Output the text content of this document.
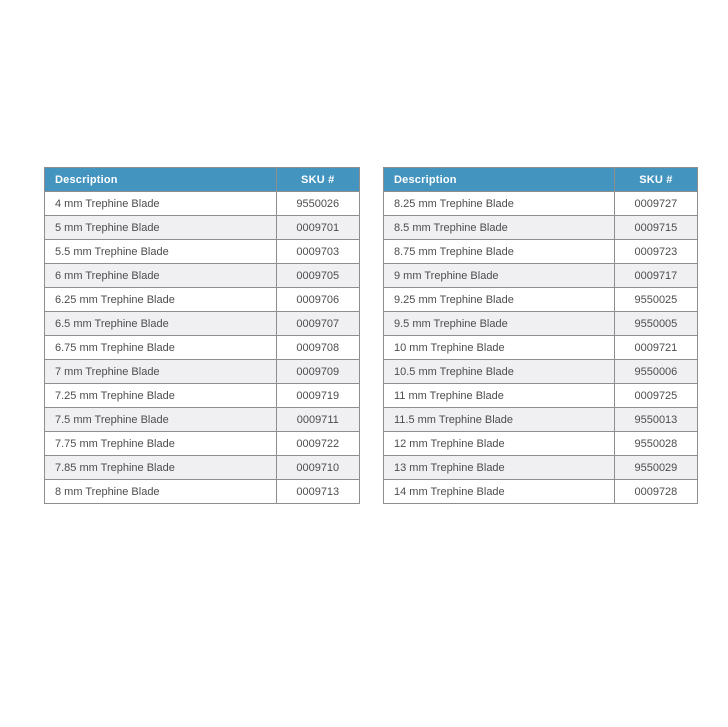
Description	SKU #
4 mm Trephine Blade	9550026
5 mm Trephine Blade	0009701
5.5 mm Trephine Blade	0009703
6 mm Trephine Blade	0009705
6.25 mm Trephine Blade	0009706
6.5 mm Trephine Blade	0009707
6.75 mm Trephine Blade	0009708
7 mm Trephine Blade	0009709
7.25 mm Trephine Blade	0009719
7.5 mm Trephine Blade	0009711
7.75 mm Trephine Blade	0009722
7.85 mm Trephine Blade	0009710
8 mm Trephine Blade	0009713
Description	SKU #
8.25 mm Trephine Blade	0009727
8.5 mm Trephine Blade	0009715
8.75 mm Trephine Blade	0009723
9 mm Trephine Blade	0009717
9.25 mm Trephine Blade	9550025
9.5 mm Trephine Blade	9550005
10 mm Trephine Blade	0009721
10.5 mm Trephine Blade	9550006
11 mm Trephine Blade	0009725
11.5 mm Trephine Blade	9550013
12 mm Trephine Blade	9550028
13 mm Trephine Blade	9550029
14 mm Trephine Blade	0009728
